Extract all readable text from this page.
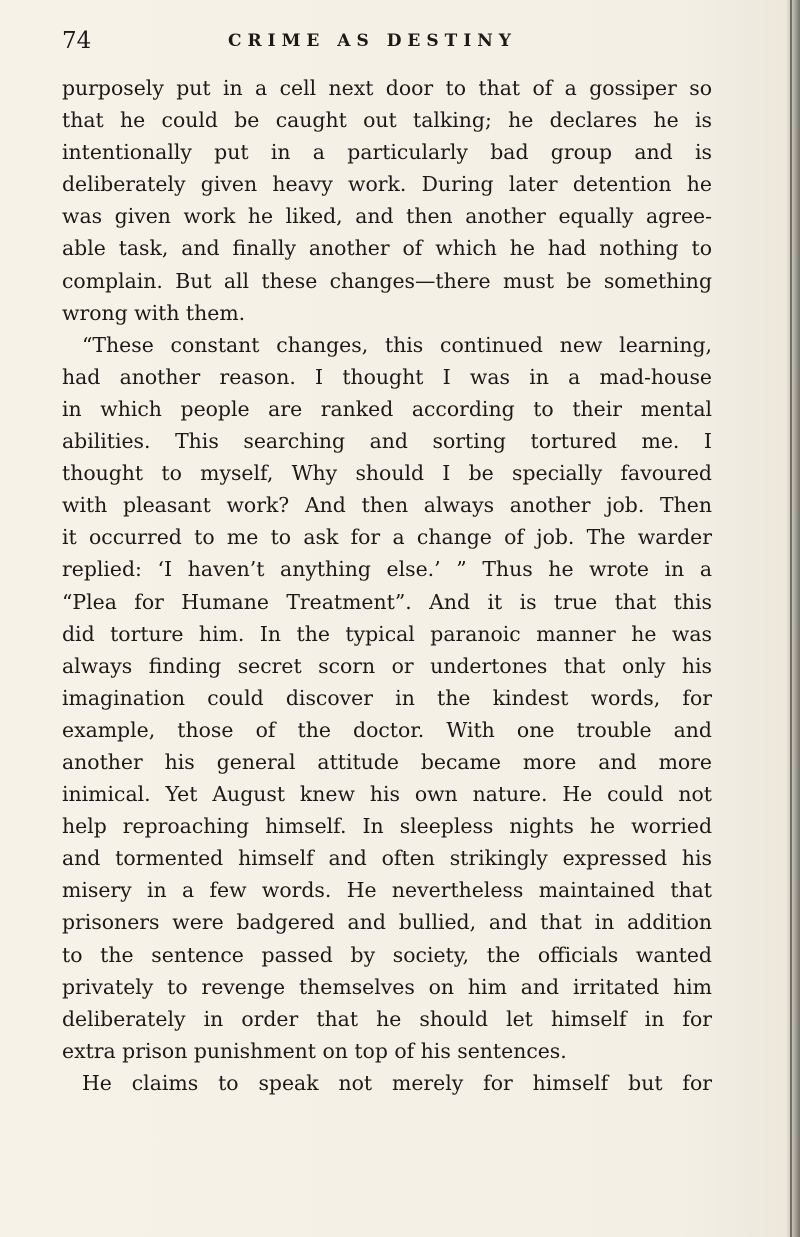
74	CRIME AS DESTINY
purposely put in a cell next door to that of a gossiper so
that he could be caught out talking; he declares he is
intentionally put in a particularly bad group and is
deliberately given heavy work. During later detention he
was given work he liked, and then another equally agree-
able task, and finally another of which he had nothing to
complain. But all these changes—there must be something
wrong with them.
“These constant changes, this continued new learning,
had another reason. I thought I was in a mad-house
in which people are ranked according to their mental
abilities. This searching and sorting tortured me. I
thought to myself, Why should I be specially favoured
with pleasant work? And then always another job. Then
it occurred to me to ask for a change of job. The warder
replied: ‘I haven’t anything else.’ ” Thus he wrote in a
“Plea for Humane Treatment”. And it is true that this
did torture him. In the typical paranoic manner he was
always finding secret scorn or undertones that only his
imagination could discover in the kindest words, for
example, those of the doctor. With one trouble and
another his general attitude became more and more
inimical. Yet August knew his own nature. He could not
help reproaching himself. In sleepless nights he worried
and tormented himself and often strikingly expressed his
misery in a few words. He nevertheless maintained that
prisoners were badgered and bullied, and that in addition
to the sentence passed by society, the officials wanted
privately to revenge themselves on him and irritated him
deliberately in order that he should let himself in for
extra prison punishment on top of his sentences.
He claims to speak not merely for himself but for
